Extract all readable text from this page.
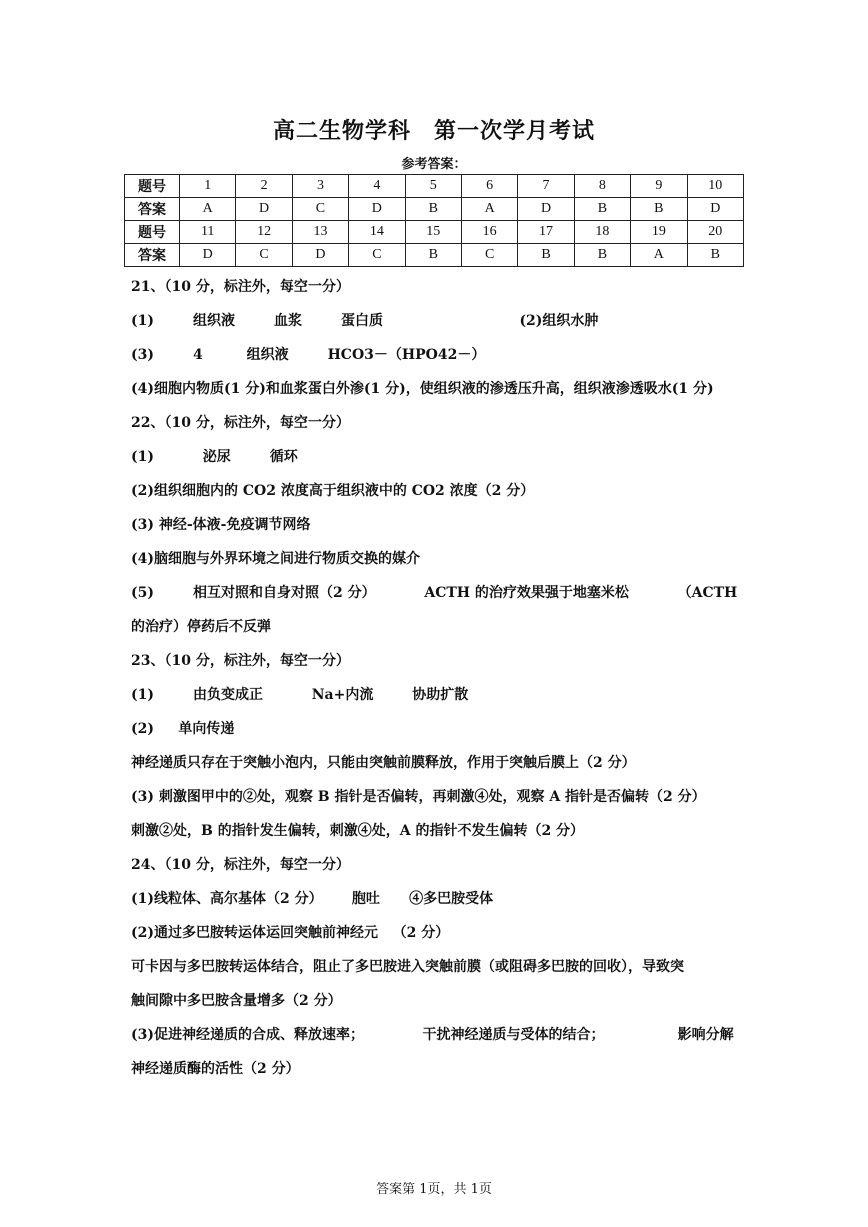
高二生物学科　第一次学月考试
参考答案：
题号	1	2	3	4	5	6	7	8	9	10
答案	A	D	C	D	B	A	D	B	B	D
题号	11	12	13	14	15	16	17	18	19	20
答案	D	C	D	C	B	C	B	B	A	B
21、（10 分，标注外，每空一分）
(1)        组织液        血浆        蛋白质                            (2)组织水肿
(3)        4         组织液        HCO3－（HPO42－）
(4)细胞内物质(1 分)和血浆蛋白外渗(1 分)，使组织液的渗透压升高，组织液渗透吸水(1 分)
22、（10 分，标注外，每空一分）
(1)          泌尿        循环
(2)组织细胞内的 CO2 浓度高于组织液中的 CO2 浓度（2 分）
(3) 神经-体液-免疫调节网络
(4)脑细胞与外界环境之间进行物质交换的媒介
(5)        相互对照和自身对照（2 分）          ACTH 的治疗效果强于地塞米松          （ACTH
的治疗）停药后不反弹
23、（10 分，标注外，每空一分）
(1)        由负变成正          Na+内流        协助扩散
(2)     单向传递
神经递质只存在于突触小泡内，只能由突触前膜释放，作用于突触后膜上（2 分）
(3) 刺激图甲中的②处，观察 B 指针是否偏转，再刺激④处，观察 A 指针是否偏转（2 分）
刺激②处，B 的指针发生偏转，刺激④处，A 的指针不发生偏转（2 分）
24、（10 分，标注外，每空一分）
(1)线粒体、高尔基体（2 分）      胞吐      ④多巴胺受体
(2)通过多巴胺转运体运回突触前神经元   （2 分）
可卡因与多巴胺转运体结合，阻止了多巴胺进入突触前膜（或阻碍多巴胺的回收），导致突
触间隙中多巴胺含量增多（2 分）
(3)促进神经递质的合成、释放速率；            干扰神经递质与受体的结合；               影响分解
神经递质酶的活性（2 分）
答案第 1页，共 1页
